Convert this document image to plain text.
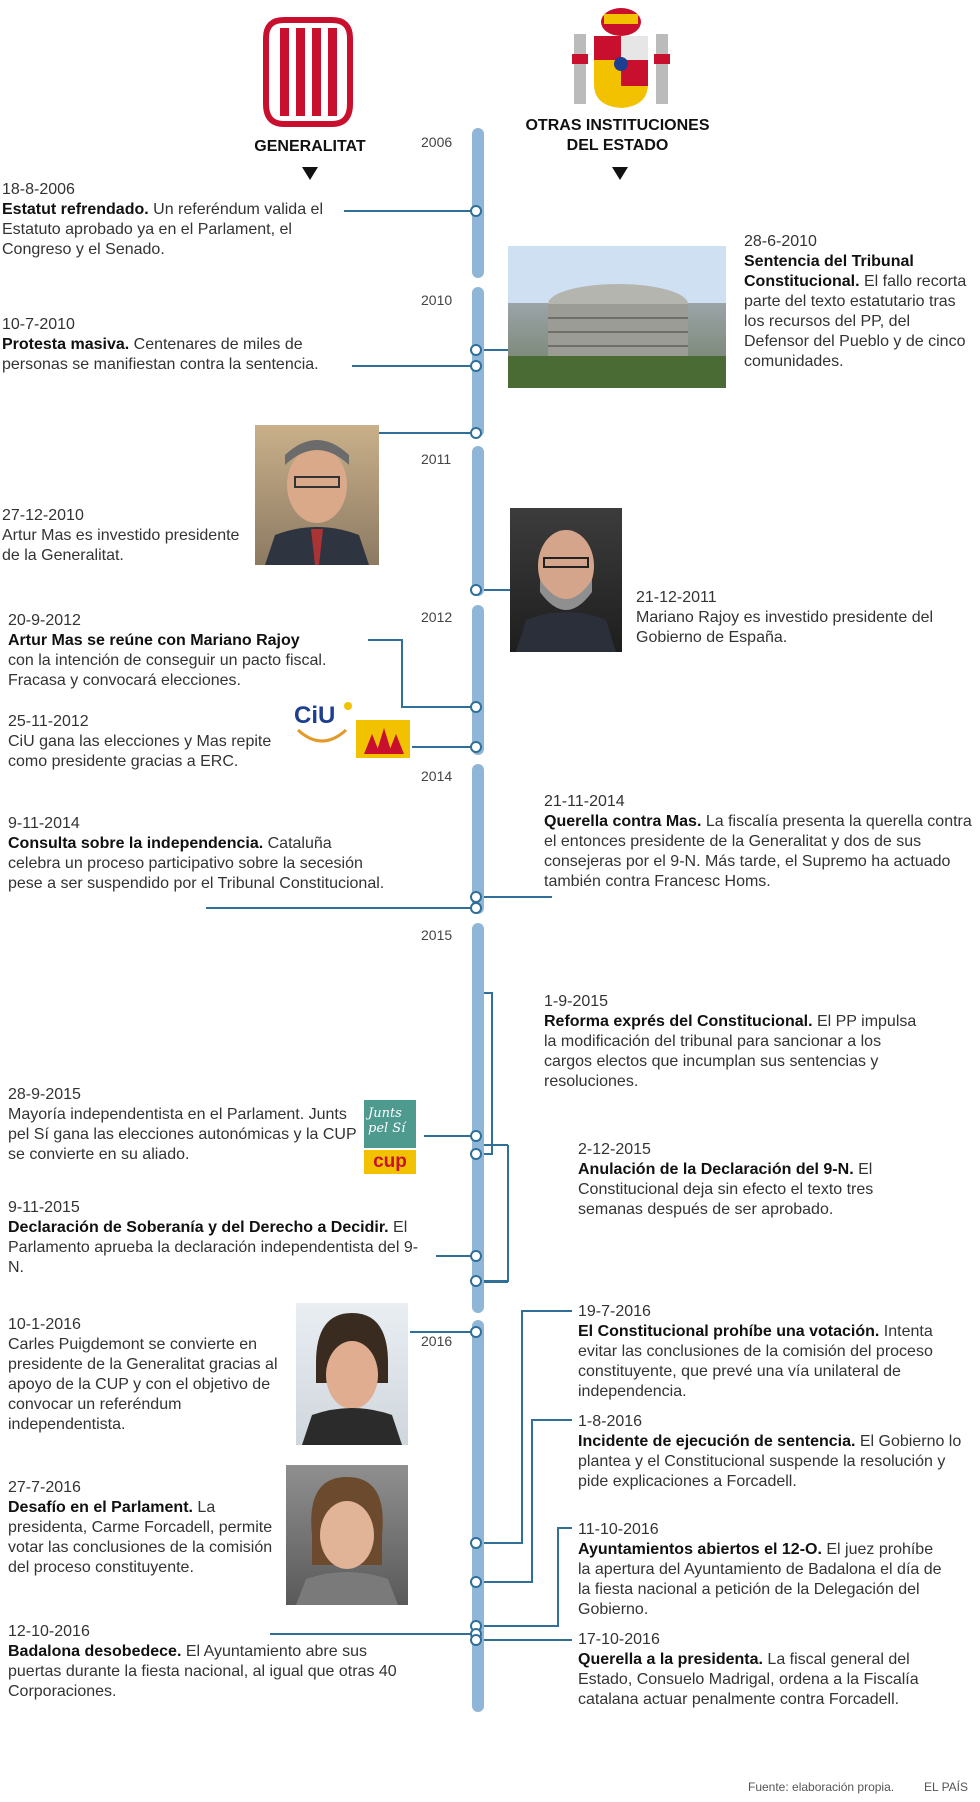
GENERALITAT
OTRAS INSTITUCIONES
DEL ESTADO
2006
2010
2011
2012
2014
2015
2016
CiU
Junts
pel Sí
cup
18-8-2006
Estatut refrendado. Un referéndum valida el Estatuto aprobado ya en el Parlament, el Congreso y el Senado.
10-7-2010
Protesta masiva. Centenares de miles de personas se manifiestan contra la sentencia.
27-12-2010
Artur Mas es investido presidente de la Generalitat.
20-9-2012
Artur Mas se reúne con Mariano Rajoy con la intención de conseguir un pacto fiscal. Fracasa y convocará elecciones.
25-11-2012
CiU gana las elecciones y Mas repite como presidente gracias a ERC.
9-11-2014
Consulta sobre la independencia. Cataluña celebra un proceso participativo sobre la secesión pese a ser suspendido por el Tribunal Constitucional.
28-9-2015
Mayoría independentista en el Parlament. Junts pel Sí gana las elecciones autonómicas y la CUP se convierte en su aliado.
9-11-2015
Declaración de Soberanía y del Derecho a Decidir. El Parlamento aprueba la declaración independentista del 9-N.
10-1-2016
Carles Puigdemont se convierte en presidente de la Generalitat gracias al apoyo de la CUP y con el objetivo de convocar un referéndum independentista.
27-7-2016
Desafío en el Parlament. La presidenta, Carme Forcadell, permite votar las conclusiones de la comisión del proceso constituyente.
12-10-2016
Badalona desobedece. El Ayuntamiento abre sus puertas durante la fiesta nacional, al igual que otras 40 Corporaciones.
28-6-2010
Sentencia del Tribunal Constitucional. El fallo recorta parte del texto estatutario tras los recursos del PP, del Defensor del Pueblo y de cinco comunidades.
21-12-2011
Mariano Rajoy es investido presidente del Gobierno de España.
21-11-2014
Querella contra Mas. La fiscalía presenta la querella contra el entonces presidente de la Generalitat y dos de sus consejeras por el 9-N. Más tarde, el Supremo ha actuado también contra Francesc Homs.
1-9-2015
Reforma exprés del Constitucional. El PP impulsa la modificación del tribunal para sancionar a los cargos electos que incumplan sus sentencias y resoluciones.
2-12-2015
Anulación de la Declaración del 9-N. El Constitucional deja sin efecto el texto tres semanas después de ser aprobado.
19-7-2016
El Constitucional prohíbe una votación. Intenta evitar las conclusiones de la comisión del proceso constituyente, que prevé una vía unilateral de independencia.
1-8-2016
Incidente de ejecución de sentencia. El Gobierno lo plantea y el Constitucional suspende la resolución y pide explicaciones a Forcadell.
11-10-2016
Ayuntamientos abiertos el 12-O. El juez prohíbe la apertura del Ayuntamiento de Badalona el día de la fiesta nacional a petición de la Delegación del Gobierno.
17-10-2016
Querella a la presidenta. La fiscal general del Estado, Consuelo Madrigal, ordena a la Fiscalía catalana actuar penalmente contra Forcadell.
Fuente: elaboración propia. EL PAÍS
